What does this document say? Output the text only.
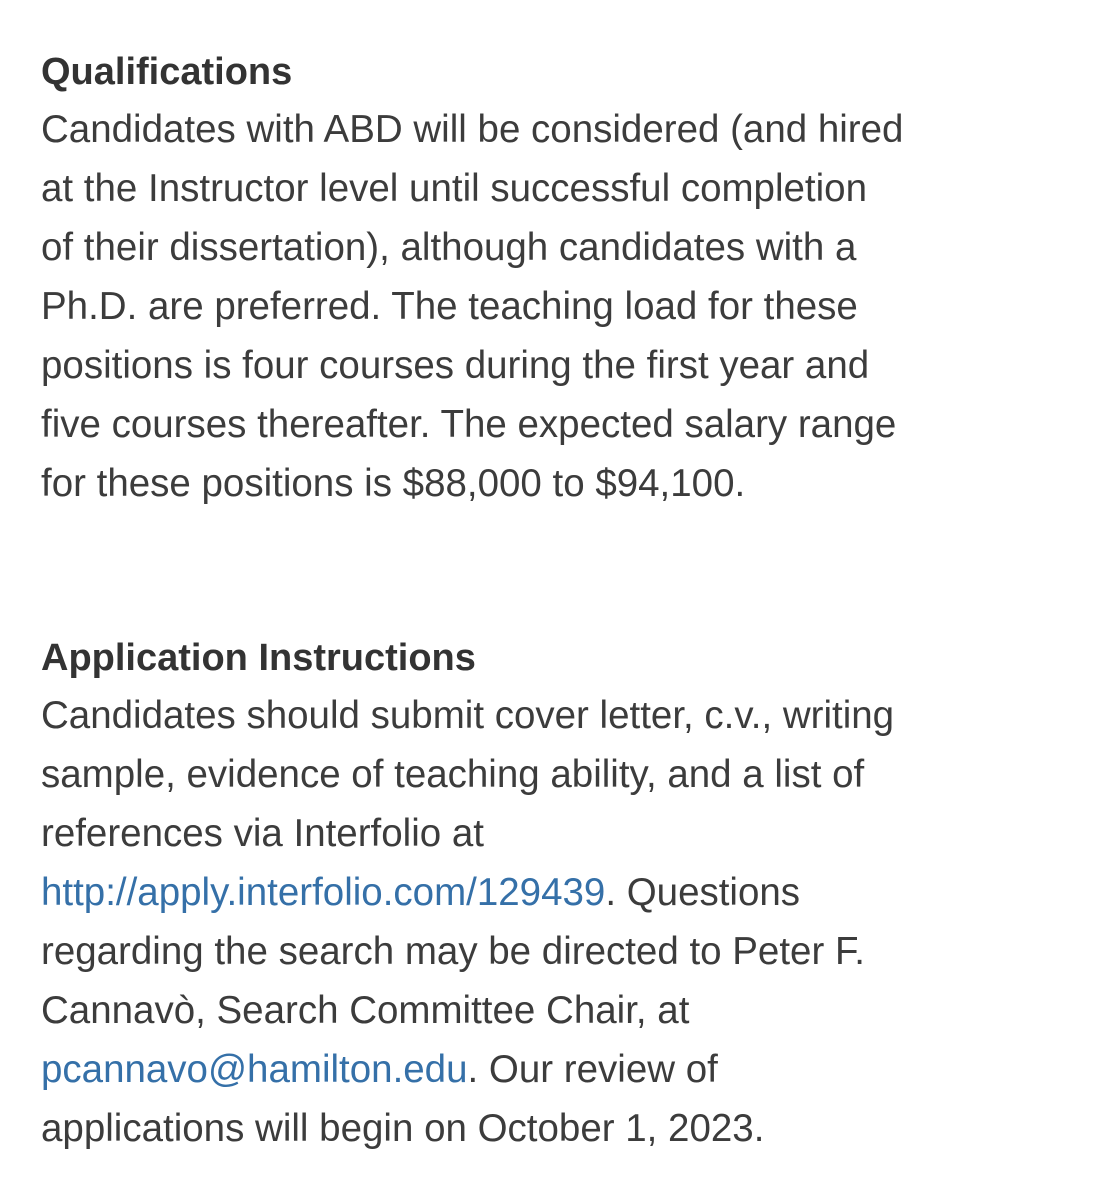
Qualifications

Candidates with ABD will be considered (and hired
at the Instructor level until successful completion
of their dissertation), although candidates with a
Ph.D. are preferred. The teaching load for these
positions is four courses during the first year and
five courses thereafter. The expected salary range
for these positions is $88,000 to $94,100.

Application Instructions

Candidates should submit cover letter, c.v., writing
sample, evidence of teaching ability, and a list of
references via Interfolio at
http://apply.interfolio.com/129439. Questions
regarding the search may be directed to Peter F.
Cannavò, Search Committee Chair, at
pcannavo@hamilton.edu. Our review of
applications will begin on October 1, 2023.
